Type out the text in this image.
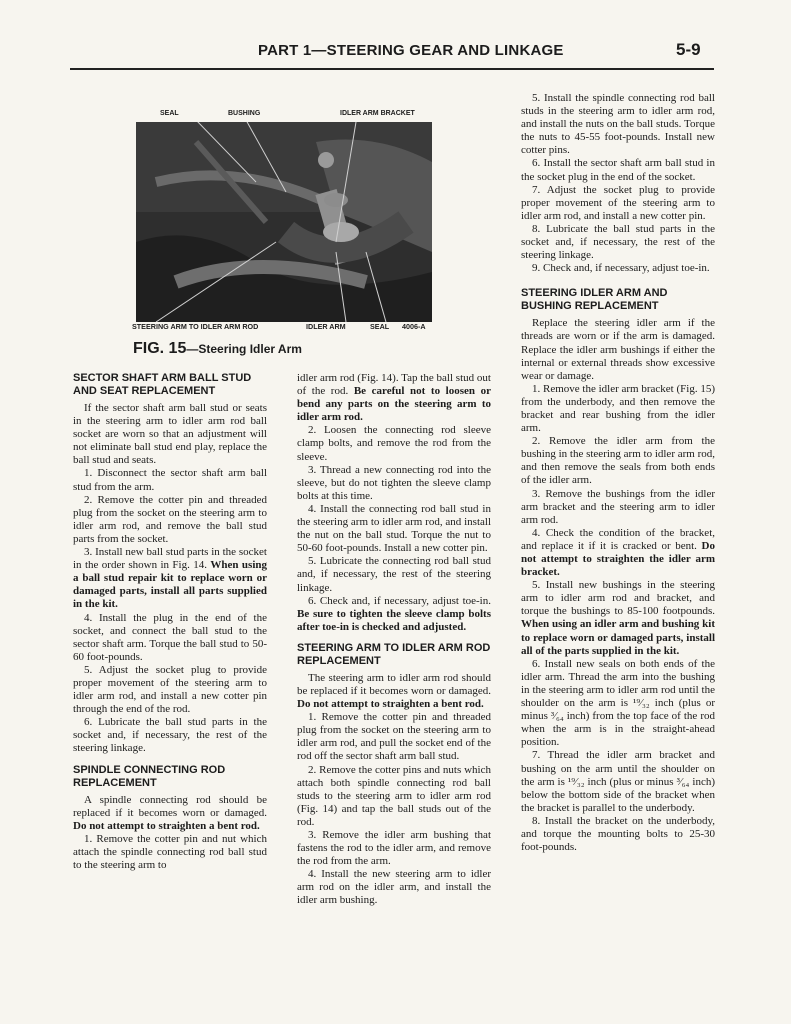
PART 1—STEERING GEAR AND LINKAGE	5-9
SEAL	BUSHING	IDLER ARM BRACKET
STEERING ARM TO IDLER ARM ROD	IDLER ARM	SEAL 4006-A
FIG. 15—Steering Idler Arm
SECTOR SHAFT ARM BALL STUD AND SEAT REPLACEMENT

If the sector shaft arm ball stud or seats in the steering arm to idler arm rod ball socket are worn so that an adjustment will not eliminate ball stud end play, replace the ball stud and seats.

1. Disconnect the sector shaft arm ball stud from the arm.

2. Remove the cotter pin and threaded plug from the socket on the steering arm to idler arm rod, and remove the ball stud parts from the socket.

3. Install new ball stud parts in the socket in the order shown in Fig. 14. When using a ball stud repair kit to replace worn or damaged parts, install all parts supplied in the kit.

4. Install the plug in the end of the socket, and connect the ball stud to the sector shaft arm. Torque the ball stud to 50-60 foot-pounds.

5. Adjust the socket plug to provide proper movement of the steering arm to idler arm rod, and install a new cotter pin through the end of the rod.

6. Lubricate the ball stud parts in the socket and, if necessary, the rest of the steering linkage.

SPINDLE CONNECTING ROD REPLACEMENT

A spindle connecting rod should be replaced if it becomes worn or damaged. Do not attempt to straighten a bent rod.

1. Remove the cotter pin and nut which attach the spindle connecting rod ball stud to the steering arm to

idler arm rod (Fig. 14). Tap the ball stud out of the rod. Be careful not to loosen or bend any parts on the steering arm to idler arm rod.

2. Loosen the connecting rod sleeve clamp bolts, and remove the rod from the sleeve.

3. Thread a new connecting rod into the sleeve, but do not tighten the sleeve clamp bolts at this time.

4. Install the connecting rod ball stud in the steering arm to idler arm rod, and install the nut on the ball stud. Torque the nut to 50-60 foot-pounds. Install a new cotter pin.

5. Lubricate the connecting rod ball stud and, if necessary, the rest of the steering linkage.

6. Check and, if necessary, adjust toe-in. Be sure to tighten the sleeve clamp bolts after toe-in is checked and adjusted.

STEERING ARM TO IDLER ARM ROD REPLACEMENT

The steering arm to idler arm rod should be replaced if it becomes worn or damaged. Do not attempt to straighten a bent rod.

1. Remove the cotter pin and threaded plug from the socket on the steering arm to idler arm rod, and pull the socket end of the rod off the sector shaft arm ball stud.

2. Remove the cotter pins and nuts which attach both spindle connecting rod ball studs to the steering arm to idler arm rod (Fig. 14) and tap the ball studs out of the rod.

3. Remove the idler arm bushing that fastens the rod to the idler arm, and remove the rod from the arm.

4. Install the new steering arm to idler arm rod on the idler arm, and install the idler arm bushing.

5. Install the spindle connecting rod ball studs in the steering arm to idler arm rod, and install the nuts on the ball studs. Torque the nuts to 45-55 foot-pounds. Install new cotter pins.

6. Install the sector shaft arm ball stud in the socket plug in the end of the socket.

7. Adjust the socket plug to provide proper movement of the steering arm to idler arm rod, and install a new cotter pin.

8. Lubricate the ball stud parts in the socket and, if necessary, the rest of the steering linkage.

9. Check and, if necessary, adjust toe-in.

STEERING IDLER ARM AND BUSHING REPLACEMENT

Replace the steering idler arm if the threads are worn or if the arm is damaged. Replace the idler arm bushings if either the internal or external threads show excessive wear or damage.

1. Remove the idler arm bracket (Fig. 15) from the underbody, and then remove the bracket and rear bushing from the idler arm.

2. Remove the idler arm from the bushing in the steering arm to idler arm rod, and then remove the seals from both ends of the idler arm.

3. Remove the bushings from the idler arm bracket and the steering arm to idler arm rod.

4. Check the condition of the bracket, and replace it if it is cracked or bent. Do not attempt to straighten the idler arm bracket.

5. Install new bushings in the steering arm to idler arm rod and bracket, and torque the bushings to 85-100 footpounds. When using an idler arm and bushing kit to replace worn or damaged parts, install all of the parts supplied in the kit.

6. Install new seals on both ends of the idler arm. Thread the arm into the bushing in the steering arm to idler arm rod until the shoulder on the arm is ¹⁹⁄₃₂ inch (plus or minus ³⁄₆₄ inch) from the top face of the rod when the arm is in the straight-ahead position.

7. Thread the idler arm bracket and bushing on the arm until the shoulder on the arm is ¹⁹⁄₃₂ inch (plus or minus ³⁄₆₄ inch) below the bottom side of the bracket when the bracket is parallel to the underbody.

8. Install the bracket on the underbody, and torque the mounting bolts to 25-30 foot-pounds.
